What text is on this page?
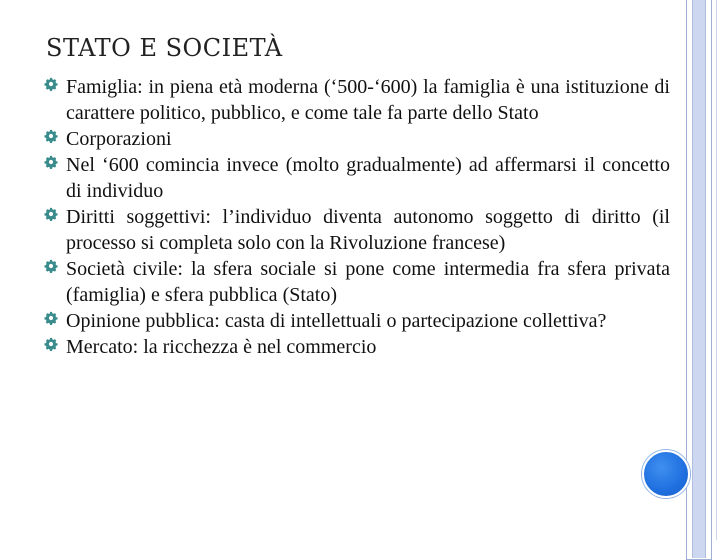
STATO E SOCIETÀ
Famiglia: in piena età moderna (‘500-‘600) la famiglia è una istituzione di carattere politico, pubblico, e come tale fa parte dello Stato
Corporazioni
Nel ‘600 comincia invece (molto gradualmente) ad affermarsi il concetto di individuo
Diritti soggettivi: l’individuo diventa autonomo soggetto di diritto (il processo si completa solo con la Rivoluzione francese)
Società civile: la sfera sociale si pone come intermedia fra sfera privata (famiglia) e sfera pubblica (Stato)
Opinione pubblica: casta di intellettuali o partecipazione collettiva?
Mercato: la ricchezza è nel commercio
